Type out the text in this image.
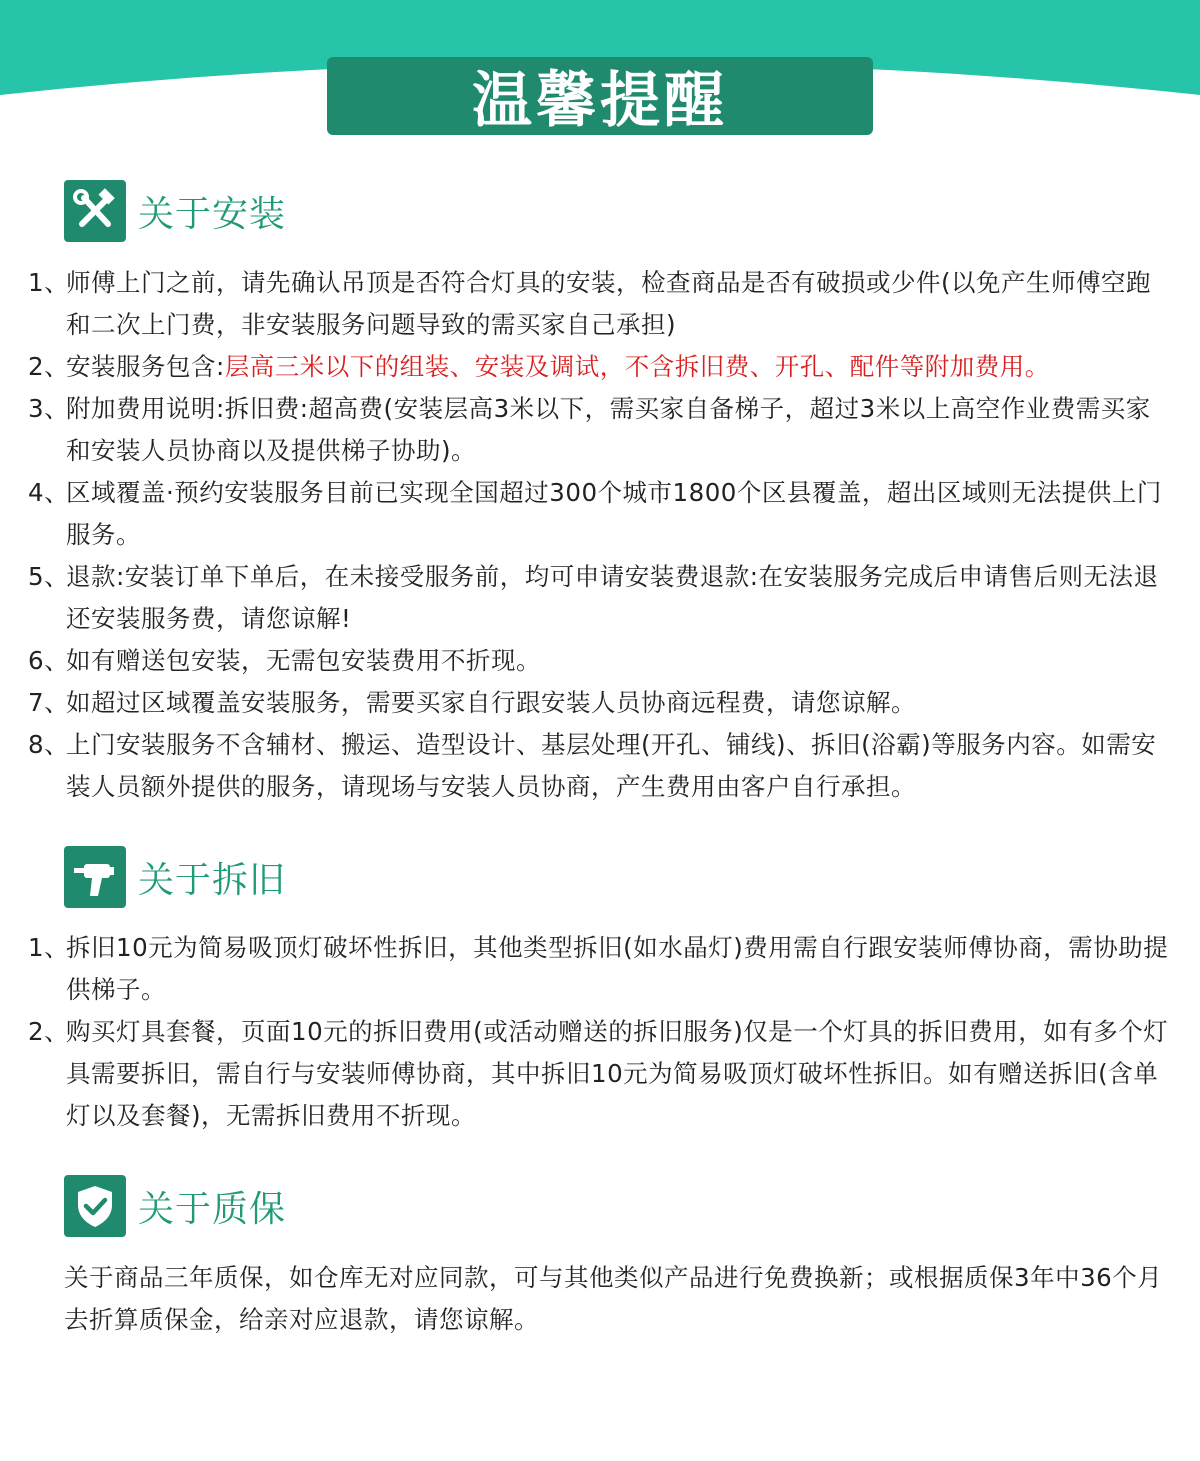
温馨提醒
关于安装
1、
师傅上门之前，请先确认吊顶是否符合灯具的安装，检查商品是否有破损或少件(以免产生师傅空跑和二次上门费，非安装服务问题导致的需买家自己承担)
2、
安装服务包含:层高三米以下的组装、安装及调试，不含拆旧费、开孔、配件等附加费用。
3、
附加费用说明:拆旧费:超高费(安装层高3米以下，需买家自备梯子，超过3米以上高空作业费需买家和安装人员协商以及提供梯子协助)。
4、
区域覆盖·预约安装服务目前已实现全国超过300个城市1800个区县覆盖，超出区域则无法提供上门服务。
5、
退款:安装订单下单后，在未接受服务前，均可申请安装费退款:在安装服务完成后申请售后则无法退还安装服务费，请您谅解!
6、
如有赠送包安装，无需包安装费用不折现。
7、
如超过区域覆盖安装服务，需要买家自行跟安装人员协商远程费，请您谅解。
8、
上门安装服务不含辅材、搬运、造型设计、基层处理(开孔、铺线)、拆旧(浴霸)等服务内容。如需安装人员额外提供的服务，请现场与安装人员协商，产生费用由客户自行承担。
关于拆旧
1、
拆旧10元为简易吸顶灯破坏性拆旧，其他类型拆旧(如水晶灯)费用需自行跟安装师傅协商，需协助提供梯子。
2、
购买灯具套餐，页面10元的拆旧费用(或活动赠送的拆旧服务)仅是一个灯具的拆旧费用，如有多个灯具需要拆旧，需自行与安装师傅协商，其中拆旧10元为简易吸顶灯破坏性拆旧。如有赠送拆旧(含单灯以及套餐)，无需拆旧费用不折现。
关于质保
关于商品三年质保，如仓库无对应同款，可与其他类似产品进行免费换新；或根据质保3年中36个月去折算质保金，给亲对应退款，请您谅解。
